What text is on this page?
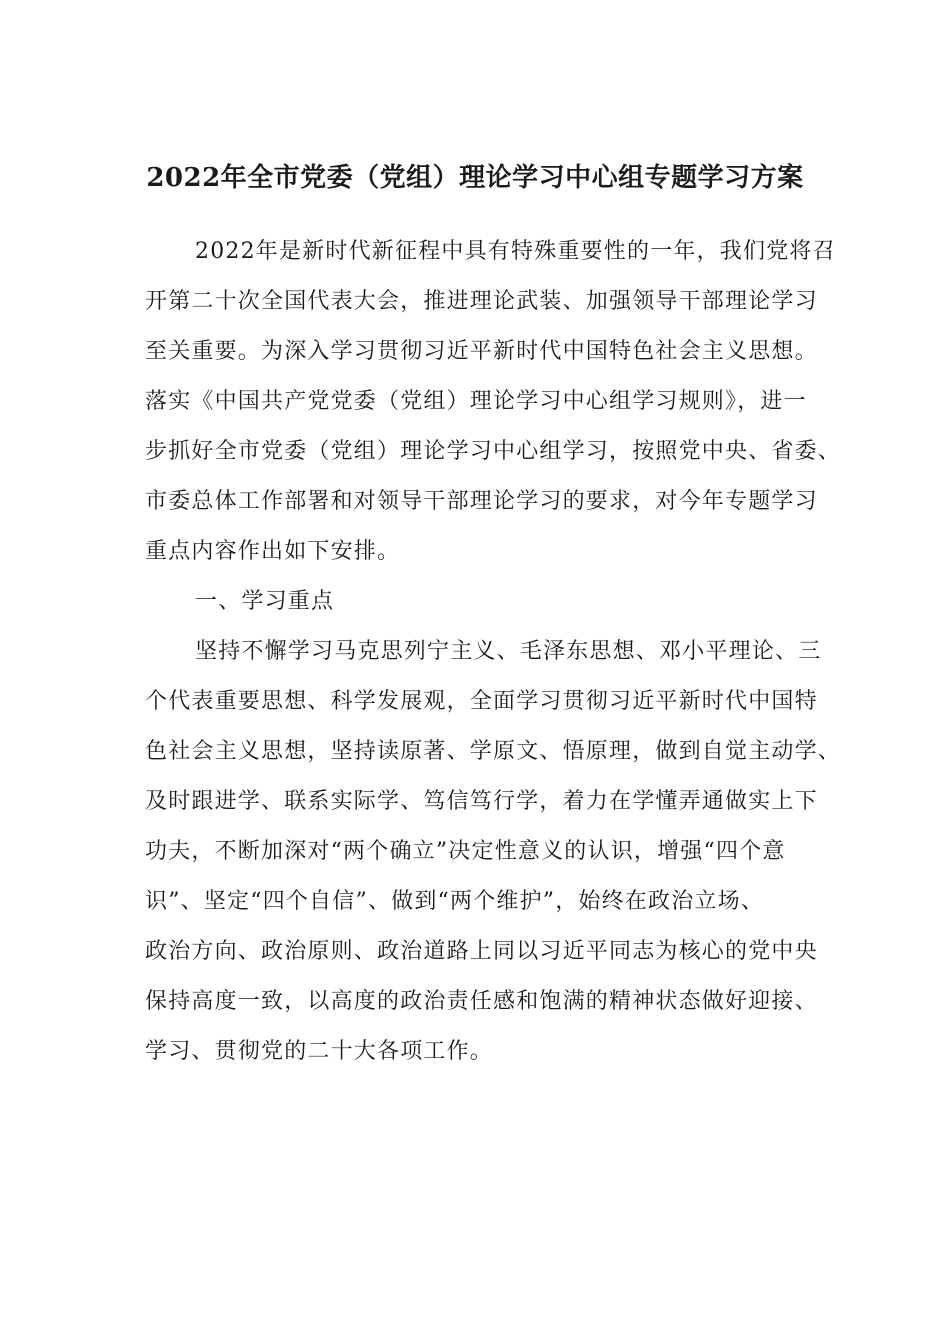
2022年全市党委（党组）理论学习中心组专题学习方案
2022年是新时代新征程中具有特殊重要性的一年，我们党将召
开第二十次全国代表大会，推进理论武装、加强领导干部理论学习
至关重要。为深入学习贯彻习近平新时代中国特色社会主义思想。
落实《中国共产党党委（党组）理论学习中心组学习规则》，进一
步抓好全市党委（党组）理论学习中心组学习，按照党中央、省委、
市委总体工作部署和对领导干部理论学习的要求，对今年专题学习
重点内容作出如下安排。
一、学习重点
坚持不懈学习马克思列宁主义、毛泽东思想、邓小平理论、三
个代表重要思想、科学发展观，全面学习贯彻习近平新时代中国特
色社会主义思想，坚持读原著、学原文、悟原理，做到自觉主动学、
及时跟进学、联系实际学、笃信笃行学，着力在学懂弄通做实上下
功夫，不断加深对“两个确立”决定性意义的认识，增强“四个意
识”、坚定“四个自信”、做到“两个维护”，始终在政治立场、
政治方向、政治原则、政治道路上同以习近平同志为核心的党中央
保持高度一致，以高度的政治责任感和饱满的精神状态做好迎接、
学习、贯彻党的二十大各项工作。
